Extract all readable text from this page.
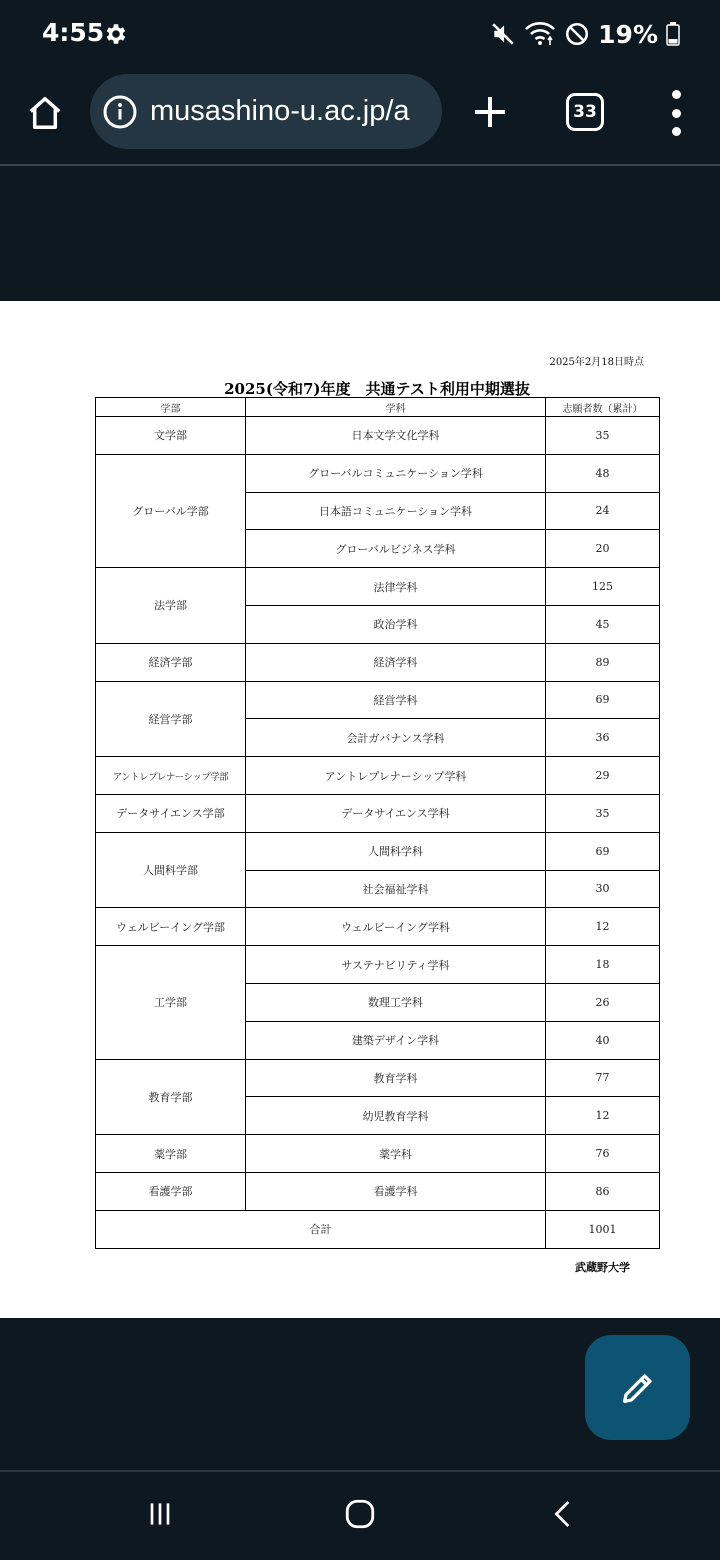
4:55	19%
musashino-u.ac.jp/a	33
2025年2月18日時点
2025(令和7)年度　共通テスト利用中期選抜
学部	学科	志願者数（累計）
文学部	日本文学文化学科	35
グローバル学部	グローバルコミュニケーション学科	48
	日本語コミュニケーション学科	24
	グローバルビジネス学科	20
法学部	法律学科	125
	政治学科	45
経済学部	経済学科	89
経営学部	経営学科	69
	会計ガバナンス学科	36
アントレプレナーシップ学部	アントレプレナーシップ学科	29
データサイエンス学部	データサイエンス学科	35
人間科学部	人間科学科	69
	社会福祉学科	30
ウェルビーイング学部	ウェルビーイング学科	12
工学部	サステナビリティ学科	18
	数理工学科	26
	建築デザイン学科	40
教育学部	教育学科	77
	幼児教育学科	12
薬学部	薬学科	76
看護学部	看護学科	86
合計		1001
武蔵野大学
